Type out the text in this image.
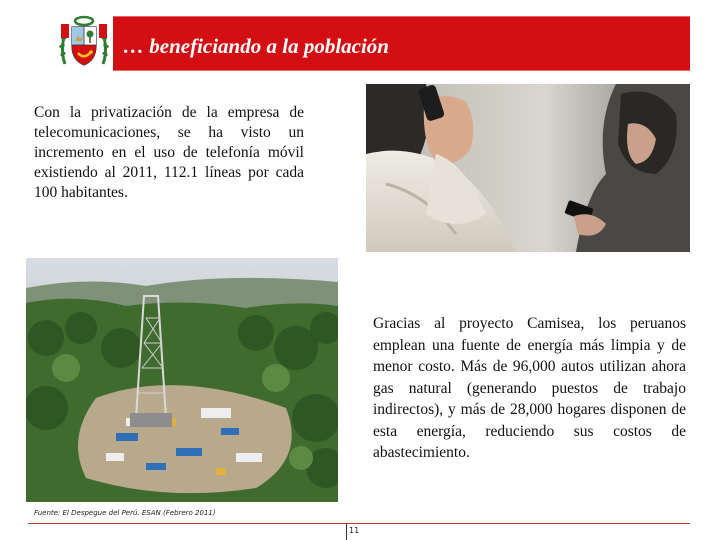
… beneficiando a la población
Con la privatización de la empresa de telecomunicaciones, se ha visto un incremento en el uso de telefonía móvil existiendo al 2011, 112.1 líneas por cada 100 habitantes.
Gracias al proyecto Camisea, los peruanos emplean una fuente de energía más limpia y de menor costo. Más de 96,000 autos utilizan ahora gas natural (generando puestos de trabajo indirectos), y más de 28,000 hogares disponen de esta energía, reduciendo sus costos de abastecimiento.
Fuente: El Despegue del Perú. ESAN (Febrero 2011)
11
